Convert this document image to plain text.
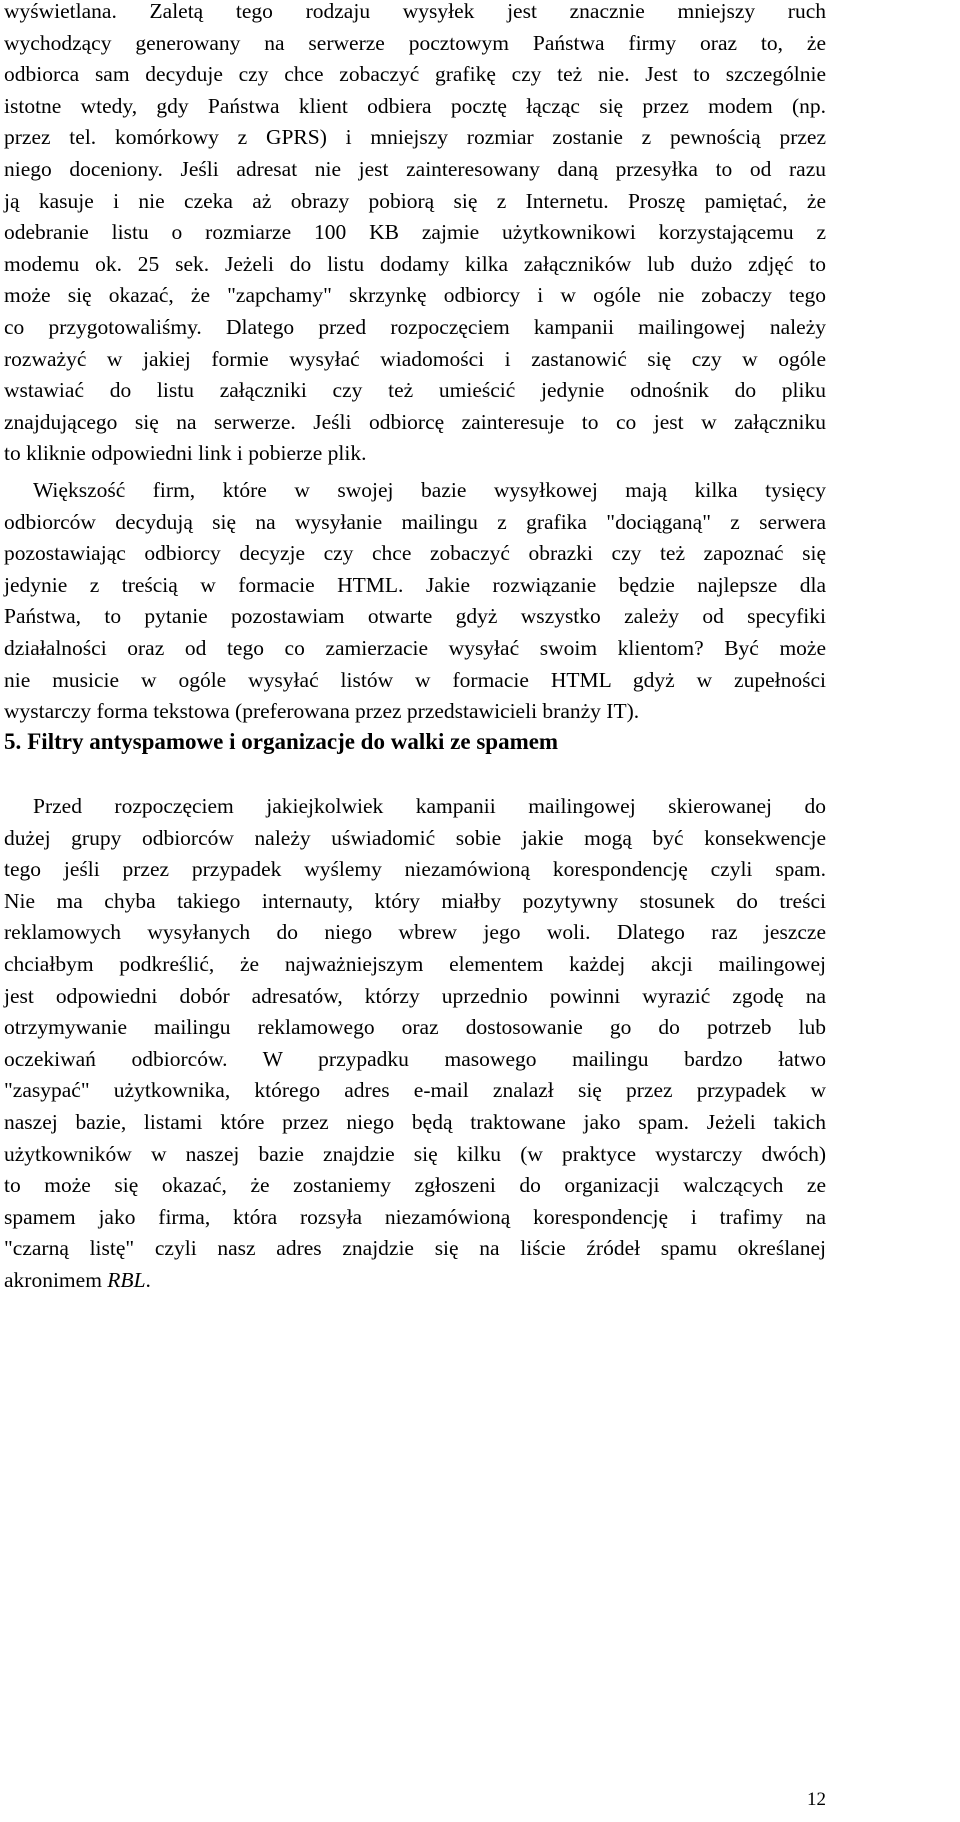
wyświetlana. Zaletą tego rodzaju wysyłek jest znacznie mniejszy ruch
wychodzący generowany na serwerze pocztowym Państwa firmy oraz to, że
odbiorca sam decyduje czy chce zobaczyć grafikę czy też nie. Jest to szczególnie
istotne wtedy, gdy Państwa klient odbiera pocztę łącząc się przez modem (np.
przez tel. komórkowy z GPRS) i mniejszy rozmiar zostanie z pewnością przez
niego doceniony. Jeśli adresat nie jest zainteresowany daną przesyłka to od razu
ją kasuje i nie czeka aż obrazy pobiorą się z Internetu. Proszę pamiętać, że
odebranie listu o rozmiarze 100 KB zajmie użytkownikowi korzystającemu z
modemu ok. 25 sek. Jeżeli do listu dodamy kilka załączników lub dużo zdjęć to
może się okazać, że "zapchamy" skrzynkę odbiorcy i w ogóle nie zobaczy tego
co przygotowaliśmy. Dlatego przed rozpoczęciem kampanii mailingowej należy
rozważyć w jakiej formie wysyłać wiadomości i zastanowić się czy w ogóle
wstawiać do listu załączniki czy też umieścić jedynie odnośnik do pliku
znajdującego się na serwerze. Jeśli odbiorcę zainteresuje to co jest w załączniku
to kliknie odpowiedni link i pobierze plik.

Większość firm, które w swojej bazie wysyłkowej mają kilka tysięcy
odbiorców decydują się na wysyłanie mailingu z grafika "dociąganą" z serwera
pozostawiając odbiorcy decyzje czy chce zobaczyć obrazki czy też zapoznać się
jedynie z treścią w formacie HTML. Jakie rozwiązanie będzie najlepsze dla
Państwa, to pytanie pozostawiam otwarte gdyż wszystko zależy od specyfiki
działalności oraz od tego co zamierzacie wysyłać swoim klientom? Być może
nie musicie w ogóle wysyłać listów w formacie HTML gdyż w zupełności
wystarczy forma tekstowa (preferowana przez przedstawicieli branży IT).

5. Filtry antyspamowe i organizacje do walki ze spamem

Przed rozpoczęciem jakiejkolwiek kampanii mailingowej skierowanej do
dużej grupy odbiorców należy uświadomić sobie jakie mogą być konsekwencje
tego jeśli przez przypadek wyślemy niezamówioną korespondencję czyli spam.
Nie ma chyba takiego internauty, który miałby pozytywny stosunek do treści
reklamowych wysyłanych do niego wbrew jego woli. Dlatego raz jeszcze
chciałbym podkreślić, że najważniejszym elementem każdej akcji mailingowej
jest odpowiedni dobór adresatów, którzy uprzednio powinni wyrazić zgodę na
otrzymywanie mailingu reklamowego oraz dostosowanie go do potrzeb lub
oczekiwań odbiorców. W przypadku masowego mailingu bardzo łatwo
"zasypać" użytkownika, którego adres e-mail znalazł się przez przypadek w
naszej bazie, listami które przez niego będą traktowane jako spam. Jeżeli takich
użytkowników w naszej bazie znajdzie się kilku (w praktyce wystarczy dwóch)
to może się okazać, że zostaniemy zgłoszeni do organizacji walczących ze
spamem jako firma, która rozsyła niezamówioną korespondencję i trafimy na
"czarną listę" czyli nasz adres znajdzie się na liście źródeł spamu określanej
akronimem RBL.

12
